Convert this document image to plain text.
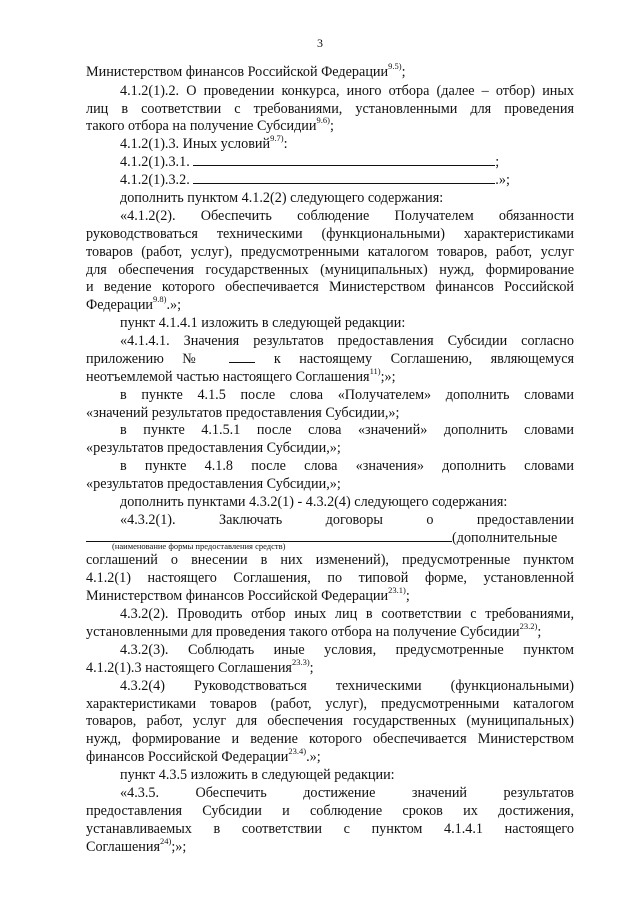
3
Министерством финансов Российской Федерации$^{9.5)}$;
4.1.2(1).2. О проведении конкурса, иного отбора (далее – отбор) иных
лиц в соответствии с требованиями, установленными для проведения
такого отбора на получение Субсидии$^{9.6)}$;
4.1.2(1).3. Иных условий$^{9.7)}$:
4.1.2(1).3.1.	;
4.1.2(1).3.2.	.»;
дополнить пунктом 4.1.2(2) следующего содержания:
«4.1.2(2). Обеспечить соблюдение Получателем обязанности
руководствоваться техническими (функциональными) характеристиками
товаров (работ, услуг), предусмотренными каталогом товаров, работ, услуг
для обеспечения государственных (муниципальных) нужд, формирование
и ведение которого обеспечивается Министерством финансов Российской
Федерации$^{9.8)}$.»;
пункт 4.1.4.1 изложить в следующей редакции:
«4.1.4.1. Значения результатов предоставления Субсидии согласно
приложению №	к настоящему Соглашению, являющемуся
неотъемлемой частью настоящего Соглашения$^{11)}$;»;
в пункте 4.1.5 после слова «Получателем» дополнить словами
«значений результатов предоставления Субсидии,»;
в пункте 4.1.5.1 после слова «значений» дополнить словами
«результатов предоставления Субсидии,»;
в пункте 4.1.8 после слова «значения» дополнить словами
«результатов предоставления Субсидии,»;
дополнить пунктами 4.3.2(1) - 4.3.2(4) следующего содержания:
«4.3.2(1). Заключать договоры о предоставлении
(дополнительные
(наименование формы предоставления средств)
соглашений о внесении в них изменений), предусмотренные пунктом
4.1.2(1) настоящего Соглашения, по типовой форме, установленной
Министерством финансов Российской Федерации$^{23.1)}$;
4.3.2(2). Проводить отбор иных лиц в соответствии с требованиями,
установленными для проведения такого отбора на получение Субсидии$^{23.2)}$;
4.3.2(3). Соблюдать иные условия, предусмотренные пунктом
4.1.2(1).3 настоящего Соглашения$^{23.3)}$;
4.3.2(4) Руководствоваться техническими (функциональными)
характеристиками товаров (работ, услуг), предусмотренными каталогом
товаров, работ, услуг для обеспечения государственных (муниципальных)
нужд, формирование и ведение которого обеспечивается Министерством
финансов Российской Федерации$^{23.4)}$.»;
пункт 4.3.5 изложить в следующей редакции:
«4.3.5. Обеспечить достижение значений результатов
предоставления Субсидии и соблюдение сроков их достижения,
устанавливаемых в соответствии с пунктом 4.1.4.1 настоящего
Соглашения$^{24)}$;»;
